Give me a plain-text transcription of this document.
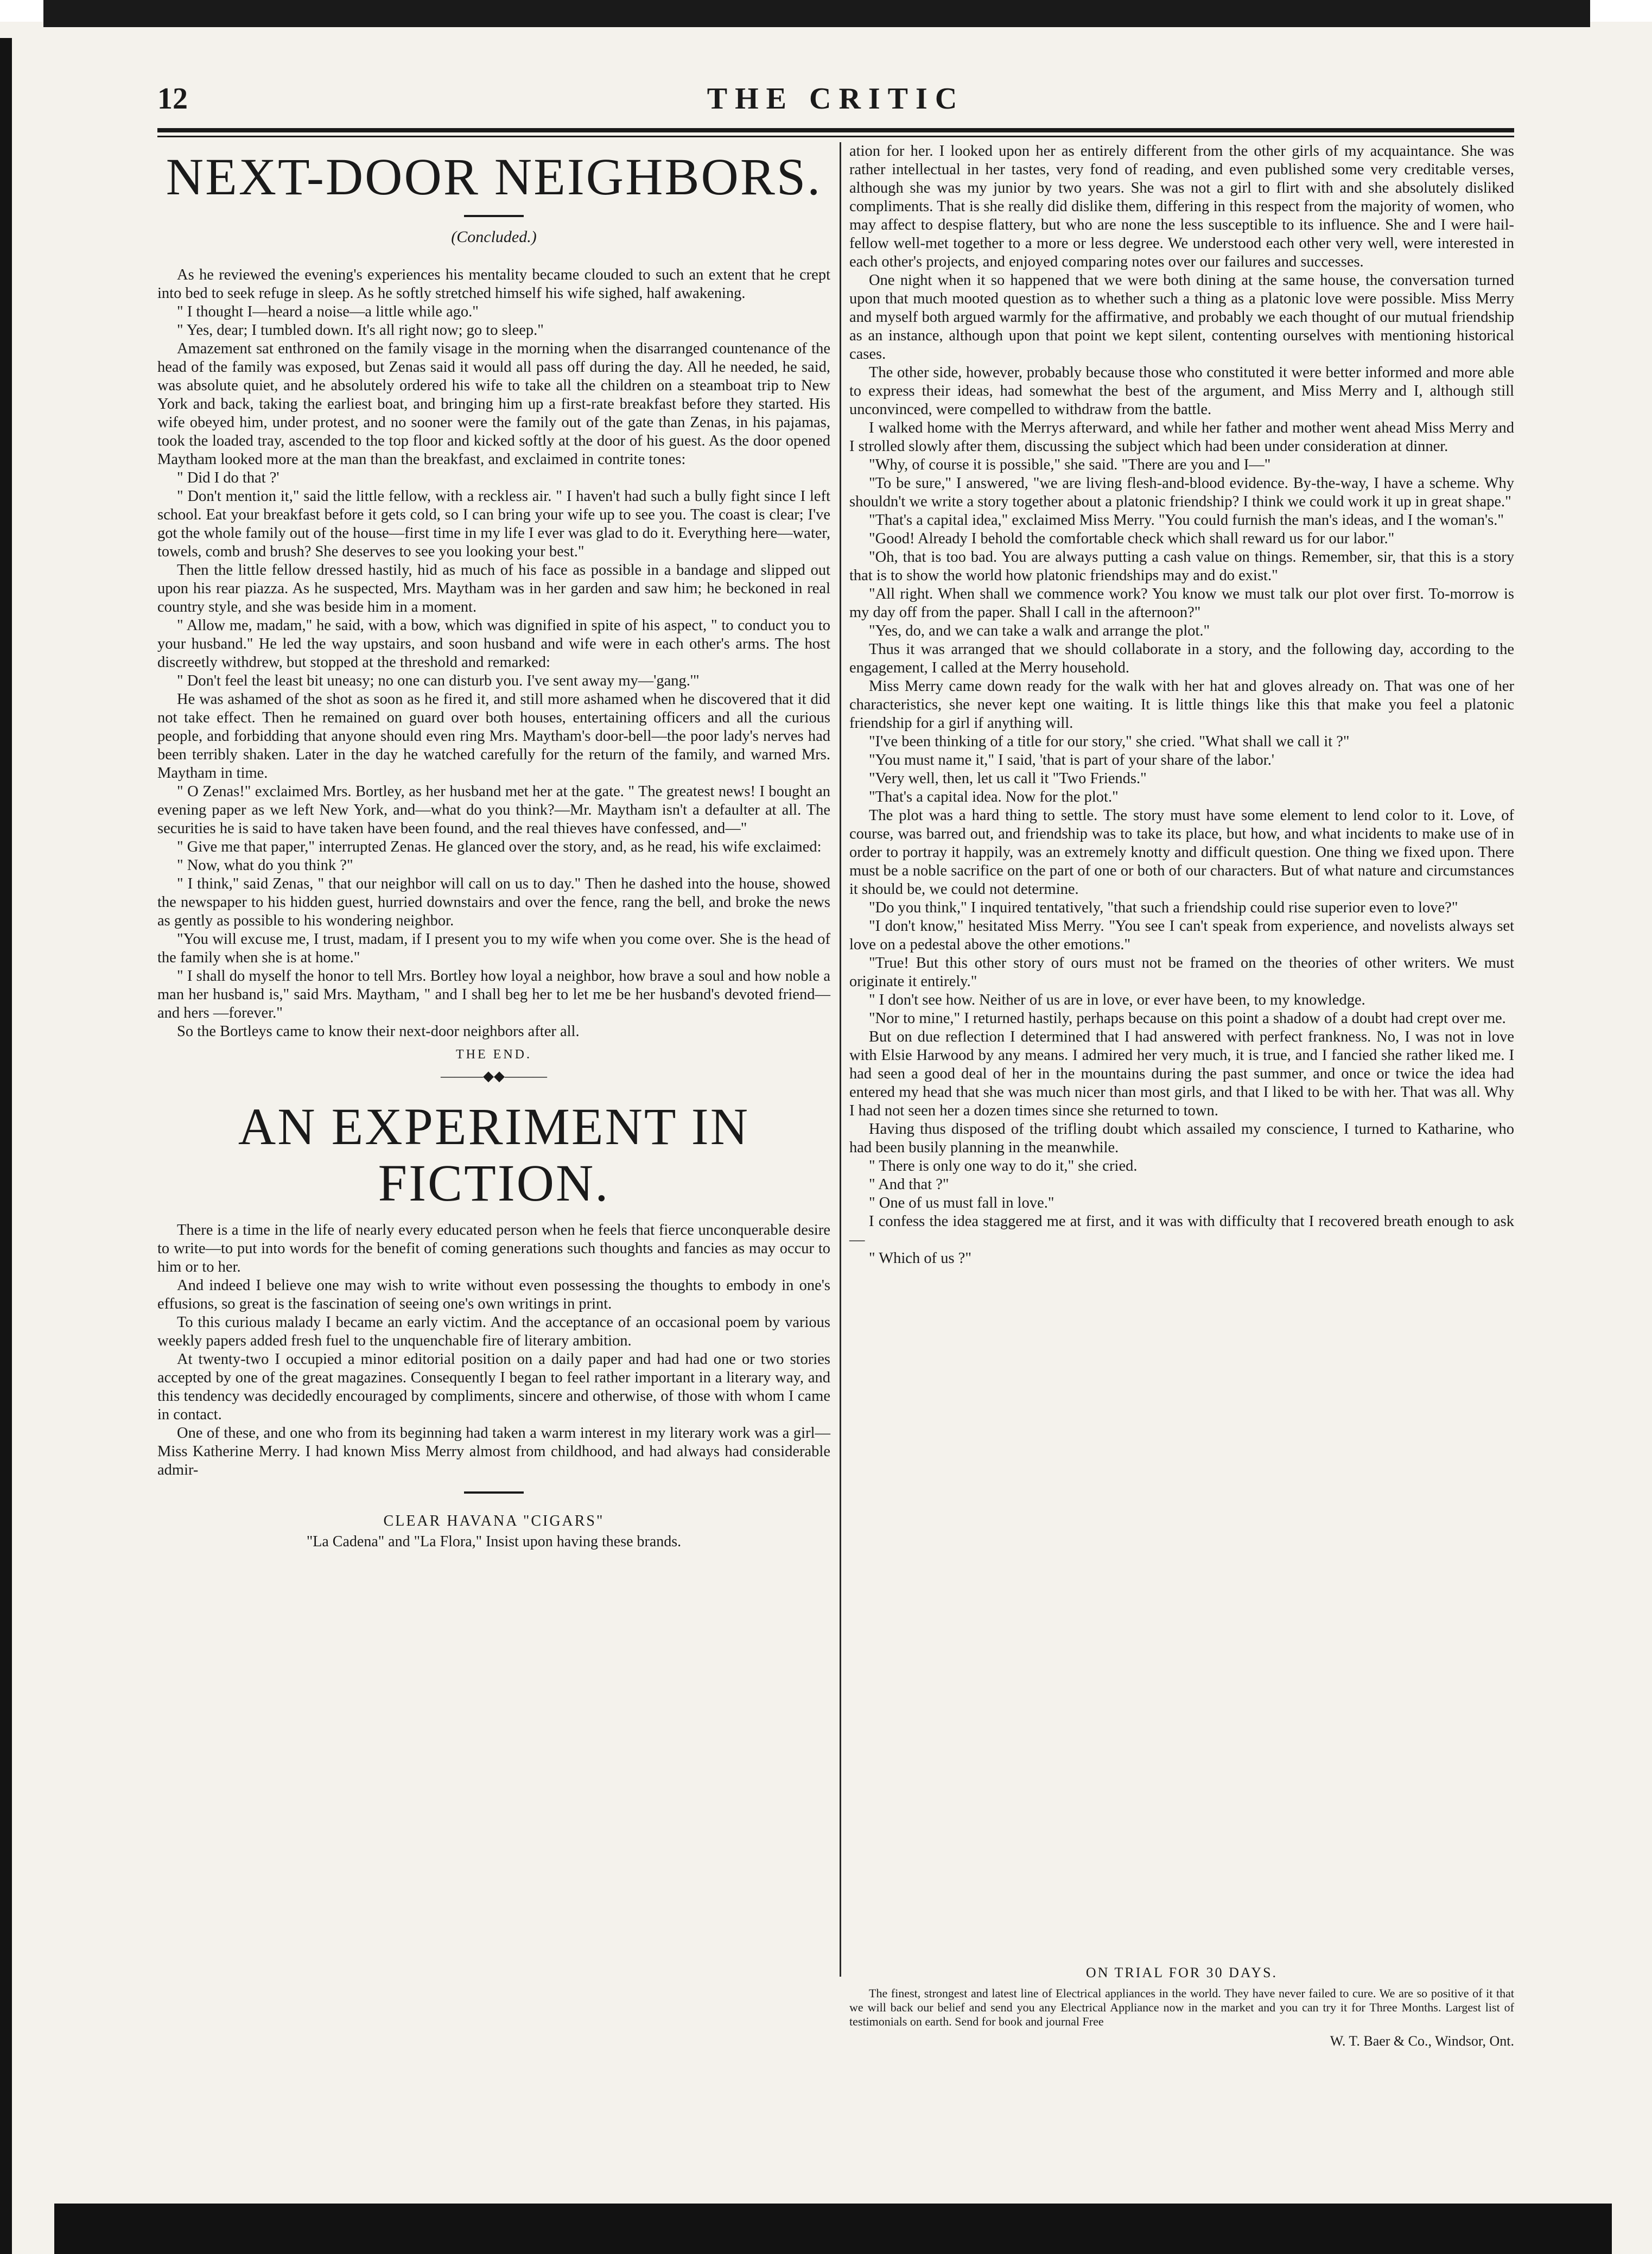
12	THE CRITIC
NEXT-DOOR NEIGHBORS.
(Concluded.)

As he reviewed the evening's experiences his mentality became clouded to such an extent that he crept into bed to seek refuge in sleep. As he softly stretched himself his wife sighed, half awakening.

" I thought I—heard a noise—a little while ago."

" Yes, dear; I tumbled down. It's all right now; go to sleep."

Amazement sat enthroned on the family visage in the morning when the disarranged countenance of the head of the family was exposed, but Zenas said it would all pass off during the day. All he needed, he said, was absolute quiet, and he absolutely ordered his wife to take all the children on a steamboat trip to New York and back, taking the earliest boat, and bringing him up a first-rate breakfast before they started. His wife obeyed him, under protest, and no sooner were the family out of the gate than Zenas, in his pajamas, took the loaded tray, ascended to the top floor and kicked softly at the door of his guest. As the door opened Maytham looked more at the man than the breakfast, and exclaimed in contrite tones:

" Did I do that ?'

" Don't mention it," said the little fellow, with a reckless air. " I haven't had such a bully fight since I left school. Eat your breakfast before it gets cold, so I can bring your wife up to see you. The coast is clear; I've got the whole family out of the house—first time in my life I ever was glad to do it. Everything here—water, towels, comb and brush? She deserves to see you looking your best."

Then the little fellow dressed hastily, hid as much of his face as possible in a bandage and slipped out upon his rear piazza. As he suspected, Mrs. Maytham was in her garden and saw him; he beckoned in real country style, and she was beside him in a moment.

" Allow me, madam," he said, with a bow, which was dignified in spite of his aspect, " to conduct you to your husband." He led the way upstairs, and soon husband and wife were in each other's arms. The host discreetly withdrew, but stopped at the threshold and remarked:

" Don't feel the least bit uneasy; no one can disturb you. I've sent away my—'gang.'"

He was ashamed of the shot as soon as he fired it, and still more ashamed when he discovered that it did not take effect. Then he remained on guard over both houses, entertaining officers and all the curious people, and forbidding that anyone should even ring Mrs. Maytham's door-bell—the poor lady's nerves had been terribly shaken. Later in the day he watched carefully for the return of the family, and warned Mrs. Maytham in time.

" O Zenas!" exclaimed Mrs. Bortley, as her husband met her at the gate. " The greatest news! I bought an evening paper as we left New York, and—what do you think?—Mr. Maytham isn't a defaulter at all. The securities he is said to have taken have been found, and the real thieves have confessed, and—"

" Give me that paper," interrupted Zenas. He glanced over the story, and, as he read, his wife exclaimed:

" Now, what do you think ?"

" I think," said Zenas, " that our neighbor will call on us to day." Then he dashed into the house, showed the newspaper to his hidden guest, hurried downstairs and over the fence, rang the bell, and broke the news as gently as possible to his wondering neighbor.

"You will excuse me, I trust, madam, if I present you to my wife when you come over. She is the head of the family when she is at home."

" I shall do myself the honor to tell Mrs. Bortley how loyal a neighbor, how brave a soul and how noble a man her husband is," said Mrs. Maytham, " and I shall beg her to let me be her husband's devoted friend—and hers —forever."

So the Bortleys came to know their next-door neighbors after all.

THE END.
———◆◆———
AN EXPERIMENT IN FICTION.

There is a time in the life of nearly every educated person when he feels that fierce unconquerable desire to write—to put into words for the benefit of coming generations such thoughts and fancies as may occur to him or to her.

And indeed I believe one may wish to write without even possessing the thoughts to embody in one's effusions, so great is the fascination of seeing one's own writings in print.

To this curious malady I became an early victim. And the acceptance of an occasional poem by various weekly papers added fresh fuel to the unquenchable fire of literary ambition.

At twenty-two I occupied a minor editorial position on a daily paper and had had one or two stories accepted by one of the great magazines. Consequently I began to feel rather important in a literary way, and this tendency was decidedly encouraged by compliments, sincere and otherwise, of those with whom I came in contact.

One of these, and one who from its beginning had taken a warm interest in my literary work was a girl—Miss Katherine Merry. I had known Miss Merry almost from childhood, and had always had considerable admir-

CLEAR HAVANA "CIGARS"
"La Cadena" and "La Flora," Insist upon having these brands.

ation for her. I looked upon her as entirely different from the other girls of my acquaintance. She was rather intellectual in her tastes, very fond of reading, and even published some very creditable verses, although she was my junior by two years. She was not a girl to flirt with and she absolutely disliked compliments. That is she really did dislike them, differing in this respect from the majority of women, who may affect to despise flattery, but who are none the less susceptible to its influence. She and I were hail-fellow well-met together to a more or less degree. We understood each other very well, were interested in each other's projects, and enjoyed comparing notes over our failures and successes.

One night when it so happened that we were both dining at the same house, the conversation turned upon that much mooted question as to whether such a thing as a platonic love were possible. Miss Merry and myself both argued warmly for the affirmative, and probably we each thought of our mutual friendship as an instance, although upon that point we kept silent, contenting ourselves with mentioning historical cases.

The other side, however, probably because those who constituted it were better informed and more able to express their ideas, had somewhat the best of the argument, and Miss Merry and I, although still unconvinced, were compelled to withdraw from the battle.

I walked home with the Merrys afterward, and while her father and mother went ahead Miss Merry and I strolled slowly after them, discussing the subject which had been under consideration at dinner.

"Why, of course it is possible," she said. "There are you and I—"

"To be sure," I answered, "we are living flesh-and-blood evidence. By-the-way, I have a scheme. Why shouldn't we write a story together about a platonic friendship? I think we could work it up in great shape."

"That's a capital idea," exclaimed Miss Merry. "You could furnish the man's ideas, and I the woman's."

"Good! Already I behold the comfortable check which shall reward us for our labor."

"Oh, that is too bad. You are always putting a cash value on things. Remember, sir, that this is a story that is to show the world how platonic friendships may and do exist."

"All right. When shall we commence work? You know we must talk our plot over first. To-morrow is my day off from the paper. Shall I call in the afternoon?"

"Yes, do, and we can take a walk and arrange the plot."

Thus it was arranged that we should collaborate in a story, and the following day, according to the engagement, I called at the Merry household.

Miss Merry came down ready for the walk with her hat and gloves already on. That was one of her characteristics, she never kept one waiting. It is little things like this that make you feel a platonic friendship for a girl if anything will.

"I've been thinking of a title for our story," she cried. "What shall we call it ?"

"You must name it," I said, 'that is part of your share of the labor.'

"Very well, then, let us call it "Two Friends."

"That's a capital idea. Now for the plot."

The plot was a hard thing to settle. The story must have some element to lend color to it. Love, of course, was barred out, and friendship was to take its place, but how, and what incidents to make use of in order to portray it happily, was an extremely knotty and difficult question. One thing we fixed upon. There must be a noble sacrifice on the part of one or both of our characters. But of what nature and circumstances it should be, we could not determine.

"Do you think," I inquired tentatively, "that such a friendship could rise superior even to love?"

"I don't know," hesitated Miss Merry. "You see I can't speak from experience, and novelists always set love on a pedestal above the other emotions."

"True! But this other story of ours must not be framed on the theories of other writers. We must originate it entirely."

" I don't see how. Neither of us are in love, or ever have been, to my knowledge.

"Nor to mine," I returned hastily, perhaps because on this point a shadow of a doubt had crept over me.

But on due reflection I determined that I had answered with perfect frankness. No, I was not in love with Elsie Harwood by any means. I admired her very much, it is true, and I fancied she rather liked me. I had seen a good deal of her in the mountains during the past summer, and once or twice the idea had entered my head that she was much nicer than most girls, and that I liked to be with her. That was all. Why I had not seen her a dozen times since she returned to town.

Having thus disposed of the trifling doubt which assailed my conscience, I turned to Katharine, who had been busily planning in the meanwhile.

" There is only one way to do it," she cried.

" And that ?"

" One of us must fall in love."

I confess the idea staggered me at first, and it was with difficulty that I recovered breath enough to ask—

" Which of us ?"

ON TRIAL FOR 30 DAYS.
The finest, strongest and latest line of Electrical appliances in the world. They have never failed to cure. We are so positive of it that we will back our belief and send you any Electrical Appliance now in the market and you can try it for Three Months. Largest list of testimonials on earth. Send for book and journal Free
W. T. Baer & Co., Windsor, Ont.
